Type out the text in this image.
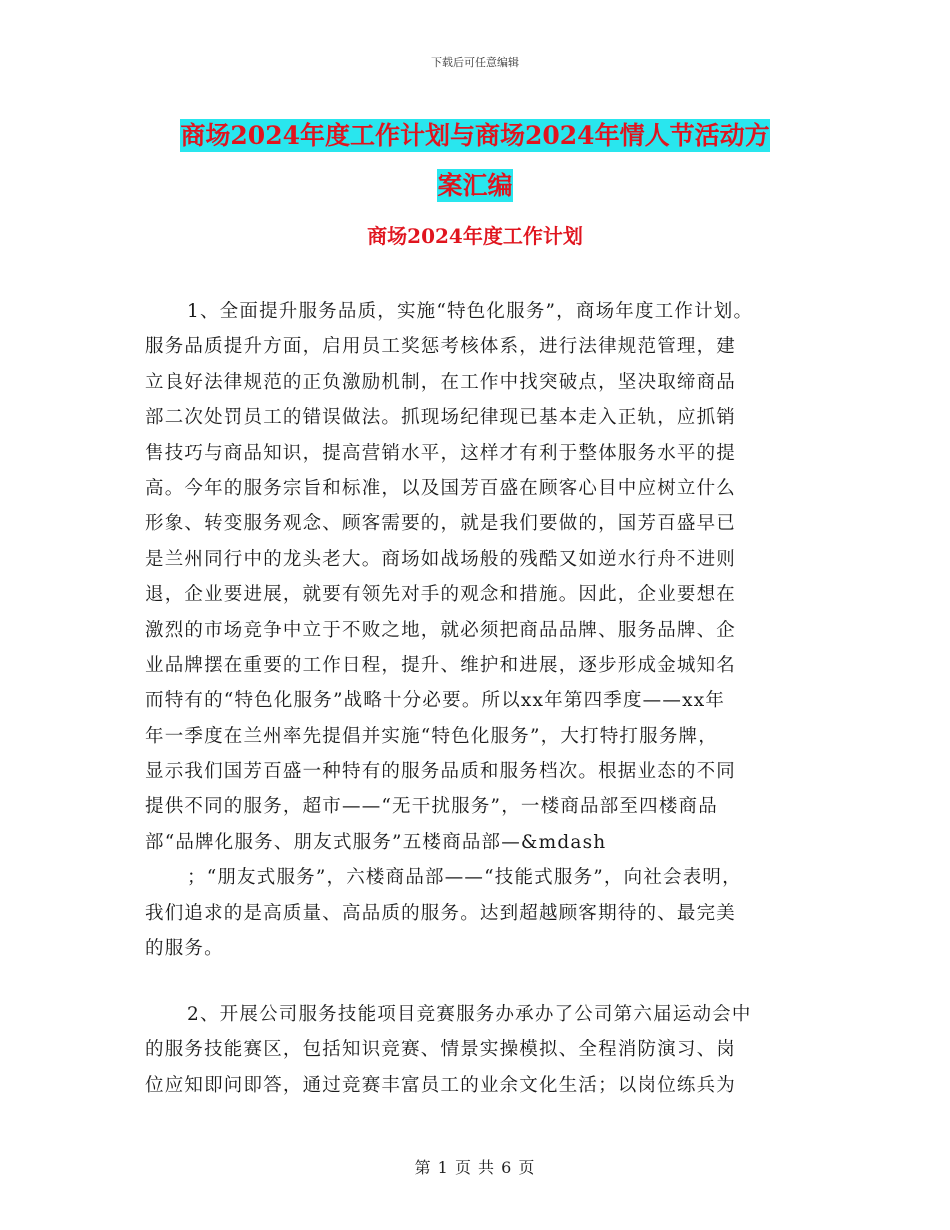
下载后可任意编辑
商场2024年度工作计划与商场2024年情人节活动方
案汇编
商场2024年度工作计划
1、全面提升服务品质，实施“特色化服务”，商场年度工作计划。
服务品质提升方面，启用员工奖惩考核体系，进行法律规范管理，建
立良好法律规范的正负激励机制，在工作中找突破点，坚决取缔商品
部二次处罚员工的错误做法。抓现场纪律现已基本走入正轨，应抓销
售技巧与商品知识，提高营销水平，这样才有利于整体服务水平的提
高。今年的服务宗旨和标准，以及国芳百盛在顾客心目中应树立什么
形象、转变服务观念、顾客需要的，就是我们要做的，国芳百盛早已
是兰州同行中的龙头老大。商场如战场般的残酷又如逆水行舟不进则
退，企业要进展，就要有领先对手的观念和措施。因此，企业要想在
激烈的市场竞争中立于不败之地，就必须把商品品牌、服务品牌、企
业品牌摆在重要的工作日程，提升、维护和进展，逐步形成金城知名
而特有的“特色化服务”战略十分必要。所以xx年第四季度——xx年
年一季度在兰州率先提倡并实施“特色化服务”，大打特打服务牌，
显示我们国芳百盛一种特有的服务品质和服务档次。根据业态的不同
提供不同的服务，超市——“无干扰服务”，一楼商品部至四楼商品
部“品牌化服务、朋友式服务”五楼商品部—&mdash
；“朋友式服务”，六楼商品部——“技能式服务”，向社会表明，
我们追求的是高质量、高品质的服务。达到超越顾客期待的、最完美
的服务。
2、开展公司服务技能项目竞赛服务办承办了公司第六届运动会中
的服务技能赛区，包括知识竞赛、情景实操模拟、全程消防演习、岗
位应知即问即答，通过竞赛丰富员工的业余文化生活；以岗位练兵为
第 1 页 共 6 页
